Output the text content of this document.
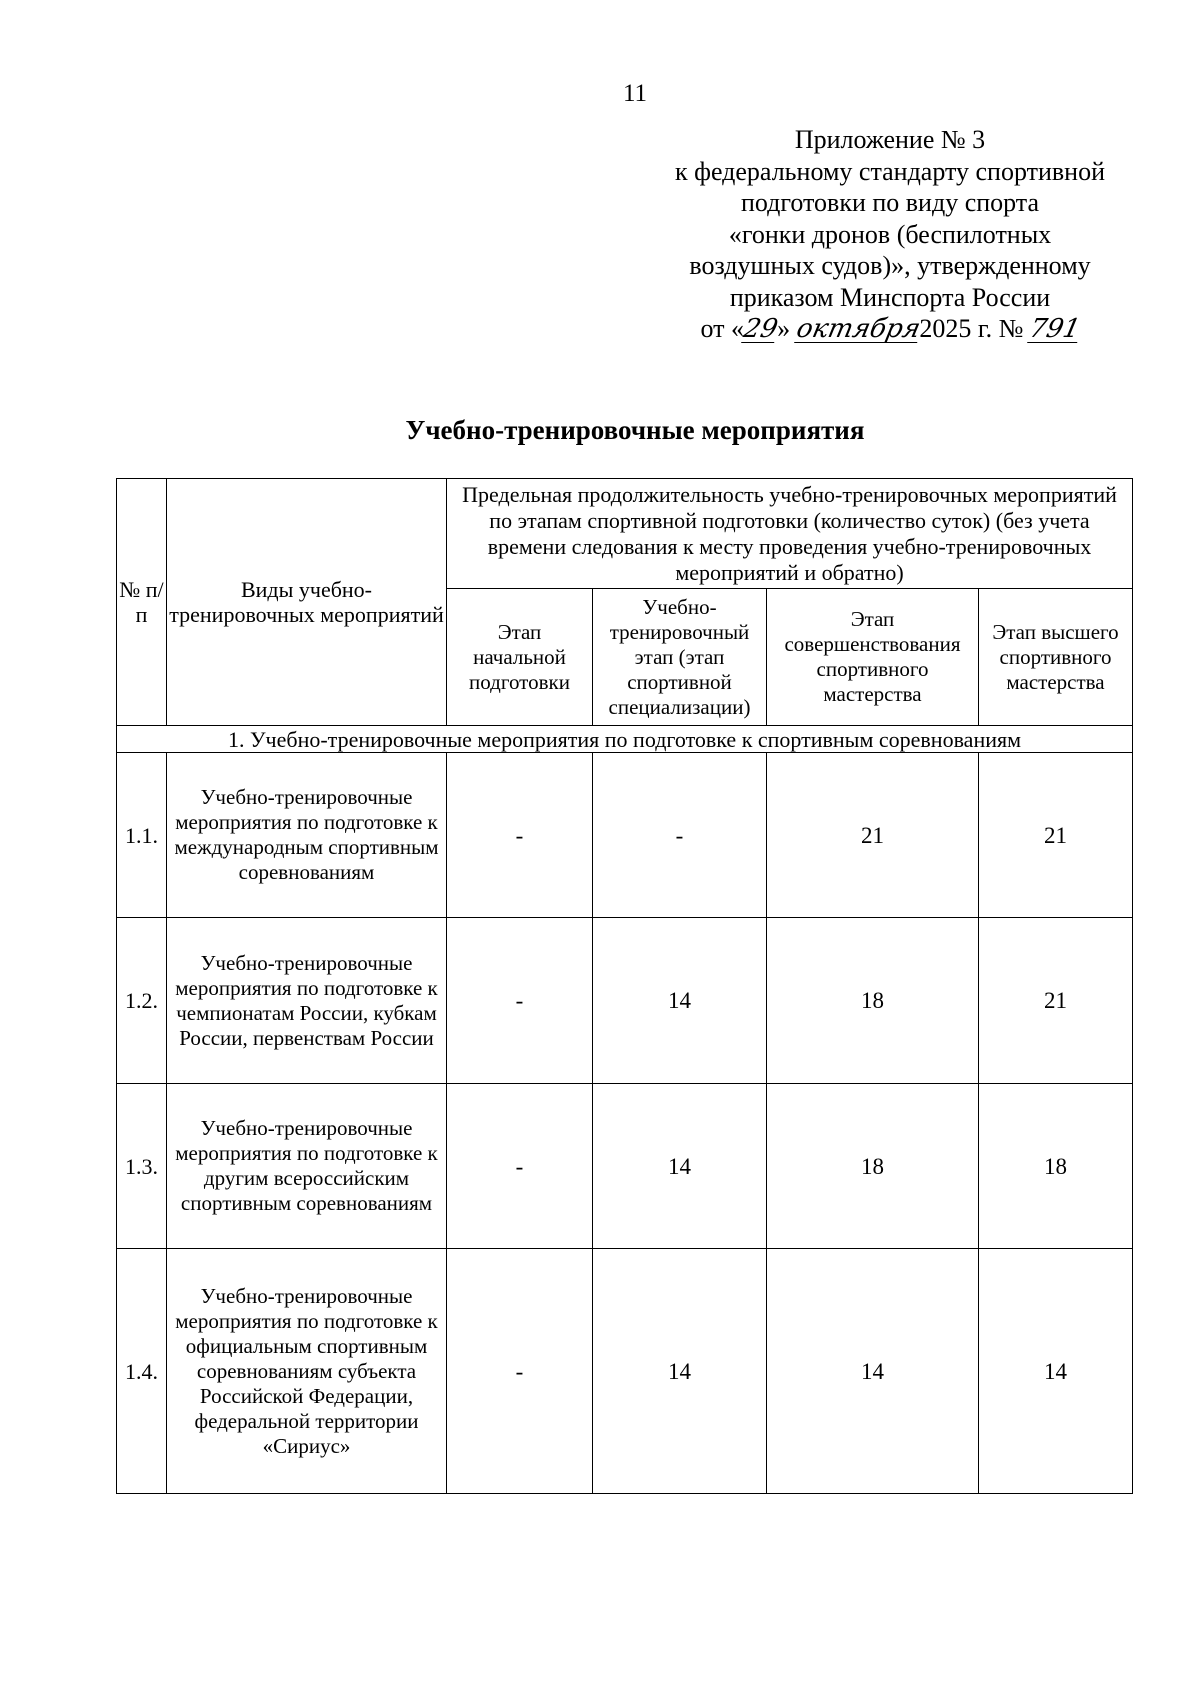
11
Приложение № 3
к федеральному стандарту спортивной
подготовки по виду спорта
«гонки дронов (беспилотных
воздушных судов)», утвержденному
приказом Минспорта России
от «29» октября2025 г. № 791
Учебно-тренировочные мероприятия
№ п/п	Виды учебно-тренировочных мероприятий	Предельная продолжительность учебно-тренировочных мероприятий по этапам спортивной подготовки (количество суток) (без учета времени следования к месту проведения учебно-тренировочных мероприятий и обратно)			
		Этап начальной подготовки	Учебно-тренировочный этап (этап спортивной специализации)	Этап совершенствования спортивного мастерства	Этап высшего спортивного мастерства
1. Учебно-тренировочные мероприятия по подготовке к спортивным соревнованиям					
1.1.	Учебно-тренировочные мероприятия по подготовке к международным спортивным соревнованиям	-	-	21	21
1.2.	Учебно-тренировочные мероприятия по подготовке к чемпионатам России, кубкам России, первенствам России	-	14	18	21
1.3.	Учебно-тренировочные мероприятия по подготовке к другим всероссийским спортивным соревнованиям	-	14	18	18
1.4.	Учебно-тренировочные мероприятия по подготовке к официальным спортивным соревнованиям субъекта Российской Федерации, федеральной территории «Сириус»	-	14	14	14
